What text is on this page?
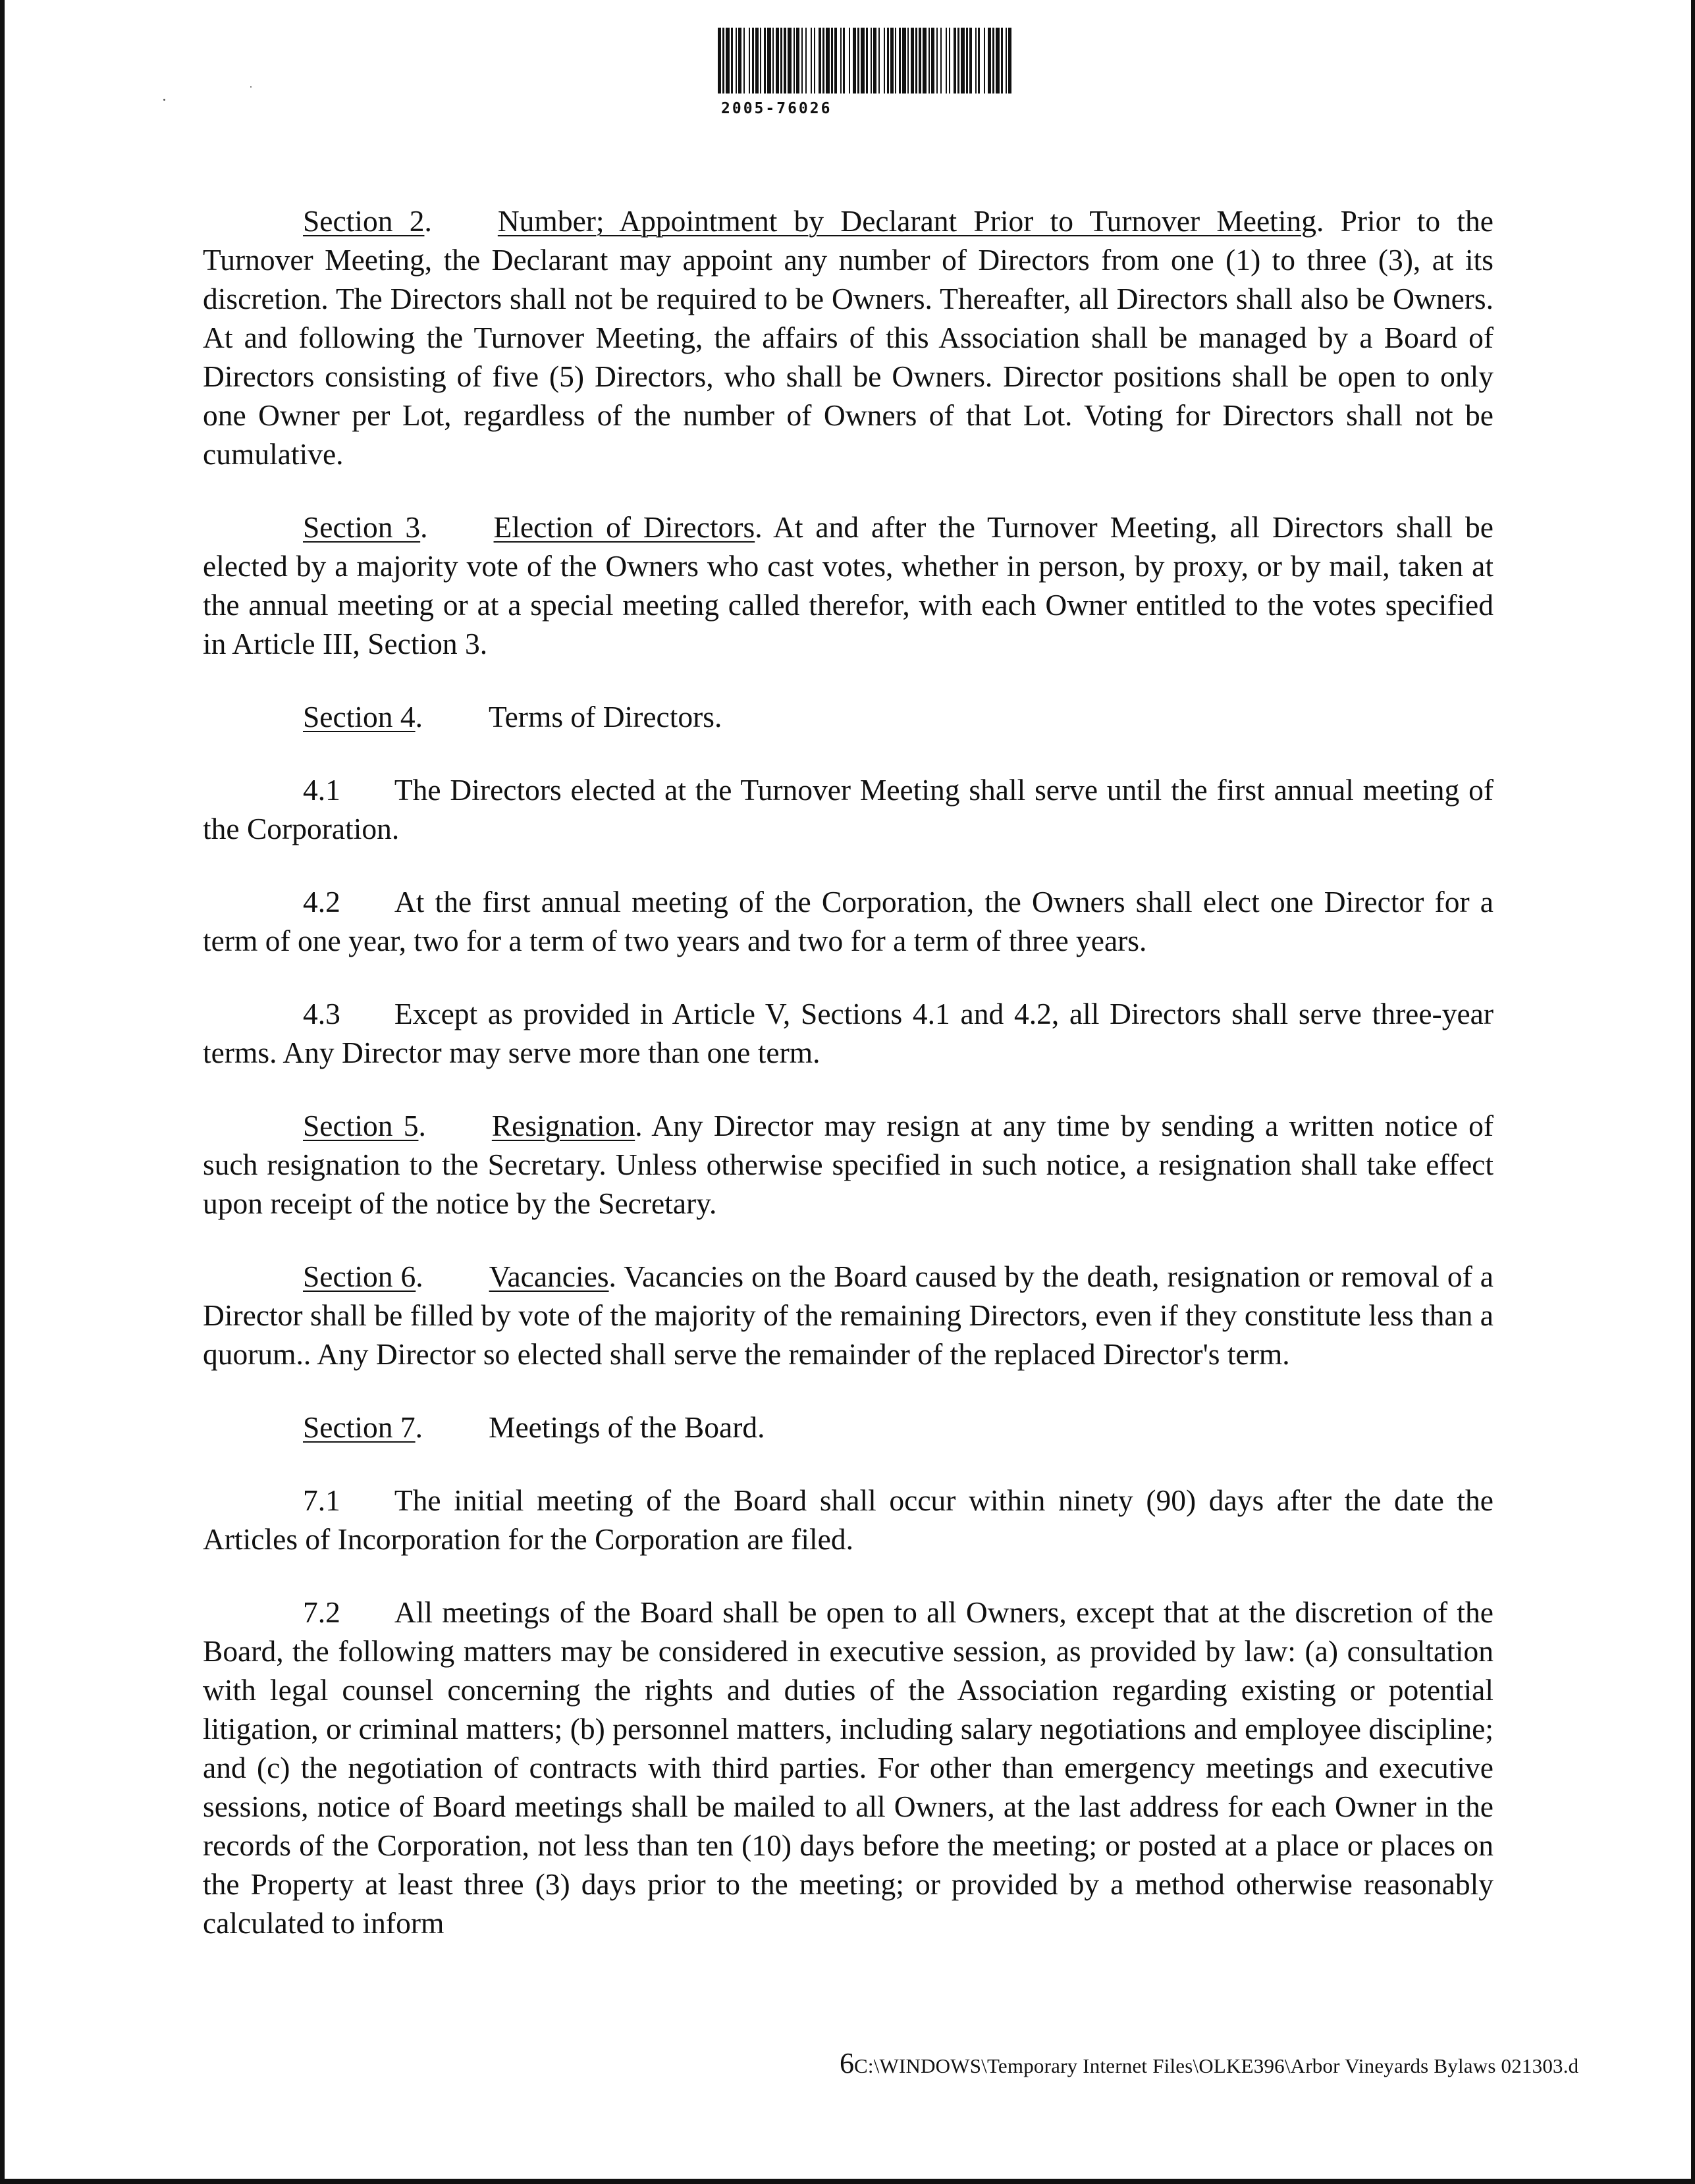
2005-76026

Section 2. Number; Appointment by Declarant Prior to Turnover Meeting. Prior to the Turnover Meeting, the Declarant may appoint any number of Directors from one (1) to three (3), at its discretion. The Directors shall not be required to be Owners. Thereafter, all Directors shall also be Owners. At and following the Turnover Meeting, the affairs of this Association shall be managed by a Board of Directors consisting of five (5) Directors, who shall be Owners. Director positions shall be open to only one Owner per Lot, regardless of the number of Owners of that Lot. Voting for Directors shall not be cumulative.

Section 3. Election of Directors. At and after the Turnover Meeting, all Directors shall be elected by a majority vote of the Owners who cast votes, whether in person, by proxy, or by mail, taken at the annual meeting or at a special meeting called therefor, with each Owner entitled to the votes specified in Article III, Section 3.

Section 4. Terms of Directors.

4.1 The Directors elected at the Turnover Meeting shall serve until the first annual meeting of the Corporation.

4.2 At the first annual meeting of the Corporation, the Owners shall elect one Director for a term of one year, two for a term of two years and two for a term of three years.

4.3 Except as provided in Article V, Sections 4.1 and 4.2, all Directors shall serve three-year terms. Any Director may serve more than one term.

Section 5. Resignation. Any Director may resign at any time by sending a written notice of such resignation to the Secretary. Unless otherwise specified in such notice, a resignation shall take effect upon receipt of the notice by the Secretary.

Section 6. Vacancies. Vacancies on the Board caused by the death, resignation or removal of a Director shall be filled by vote of the majority of the remaining Directors, even if they constitute less than a quorum.. Any Director so elected shall serve the remainder of the replaced Director's term.

Section 7. Meetings of the Board.

7.1 The initial meeting of the Board shall occur within ninety (90) days after the date the Articles of Incorporation for the Corporation are filed.

7.2 All meetings of the Board shall be open to all Owners, except that at the discretion of the Board, the following matters may be considered in executive session, as provided by law: (a) consultation with legal counsel concerning the rights and duties of the Association regarding existing or potential litigation, or criminal matters; (b) personnel matters, including salary negotiations and employee discipline; and (c) the negotiation of contracts with third parties. For other than emergency meetings and executive sessions, notice of Board meetings shall be mailed to all Owners, at the last address for each Owner in the records of the Corporation, not less than ten (10) days before the meeting; or posted at a place or places on the Property at least three (3) days prior to the meeting; or provided by a method otherwise reasonably calculated to inform

6C:\WINDOWS\Temporary Internet Files\OLKE396\Arbor Vineyards Bylaws 021303.d
